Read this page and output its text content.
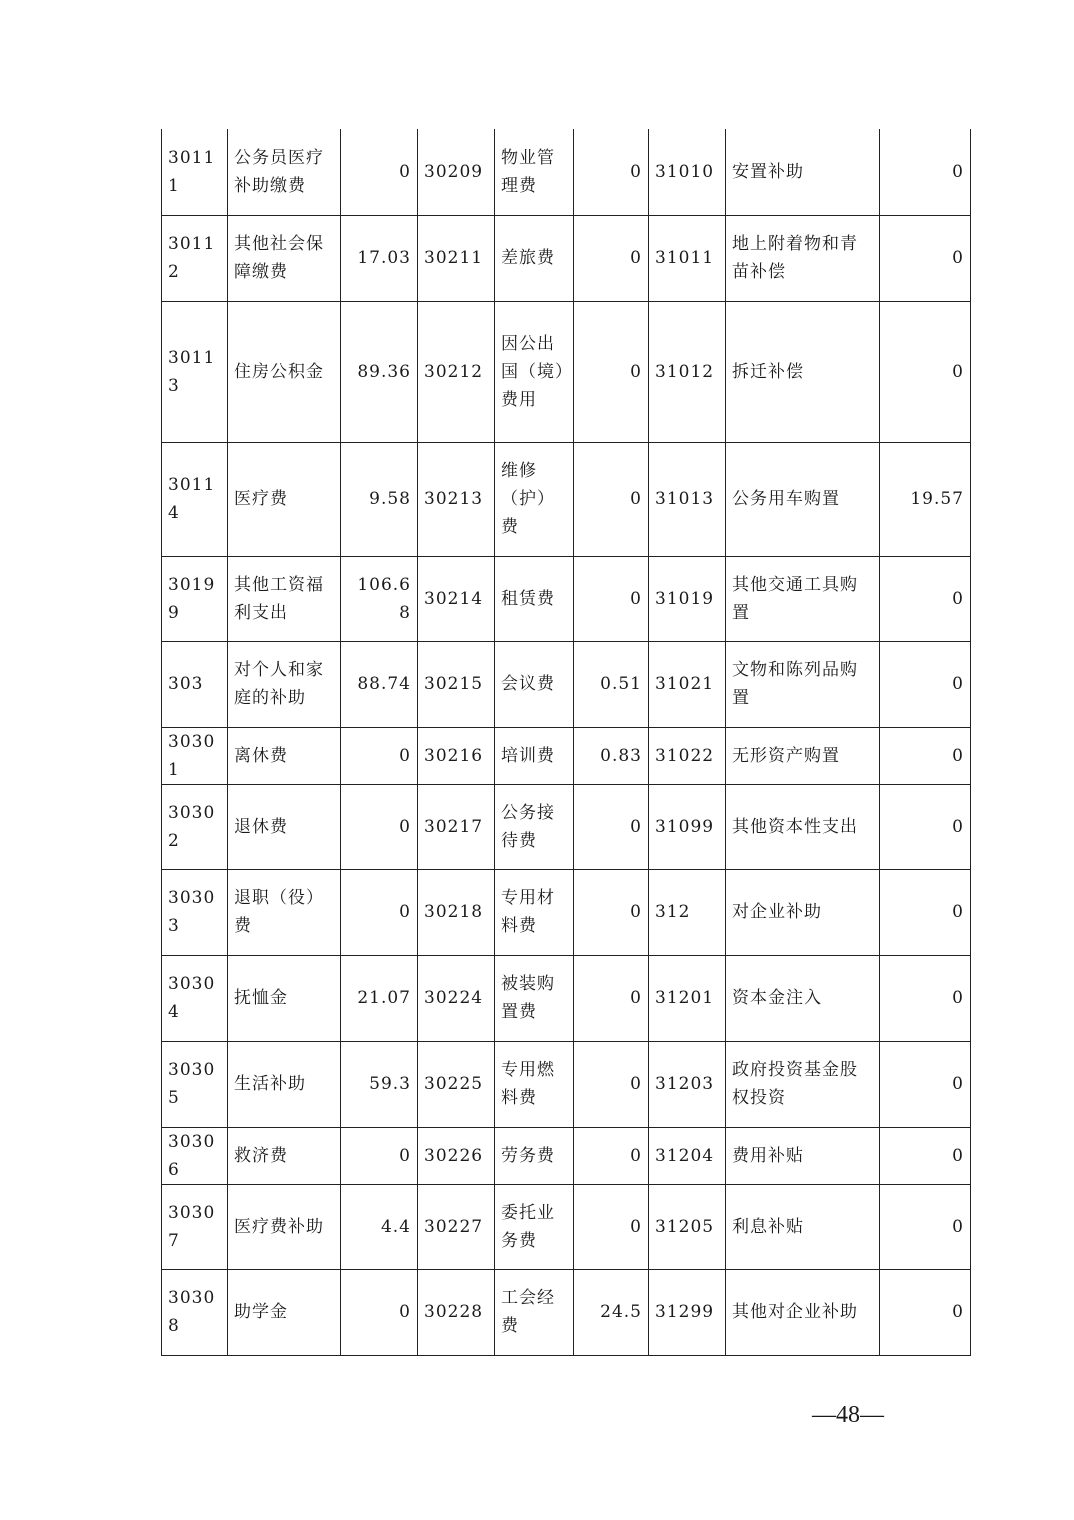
30111	公务员医疗补助缴费	0	30209	物业管理费	0	31010	安置补助	0
30112	其他社会保障缴费	17.03	30211	差旅费	0	31011	地上附着物和青苗补偿	0
30113	住房公积金	89.36	30212	因公出国（境）费用	0	31012	拆迁补偿	0
30114	医疗费	9.58	30213	维修（护）费	0	31013	公务用车购置	19.57
30199	其他工资福利支出	106.68	30214	租赁费	0	31019	其他交通工具购置	0
303	对个人和家庭的补助	88.74	30215	会议费	0.51	31021	文物和陈列品购置	0
30301	离休费	0	30216	培训费	0.83	31022	无形资产购置	0
30302	退休费	0	30217	公务接待费	0	31099	其他资本性支出	0
30303	退职（役）费	0	30218	专用材料费	0	312	对企业补助	0
30304	抚恤金	21.07	30224	被装购置费	0	31201	资本金注入	0
30305	生活补助	59.3	30225	专用燃料费	0	31203	政府投资基金股权投资	0
30306	救济费	0	30226	劳务费	0	31204	费用补贴	0
30307	医疗费补助	4.4	30227	委托业务费	0	31205	利息补贴	0
30308	助学金	0	30228	工会经费	24.5	31299	其他对企业补助	0
—48—
